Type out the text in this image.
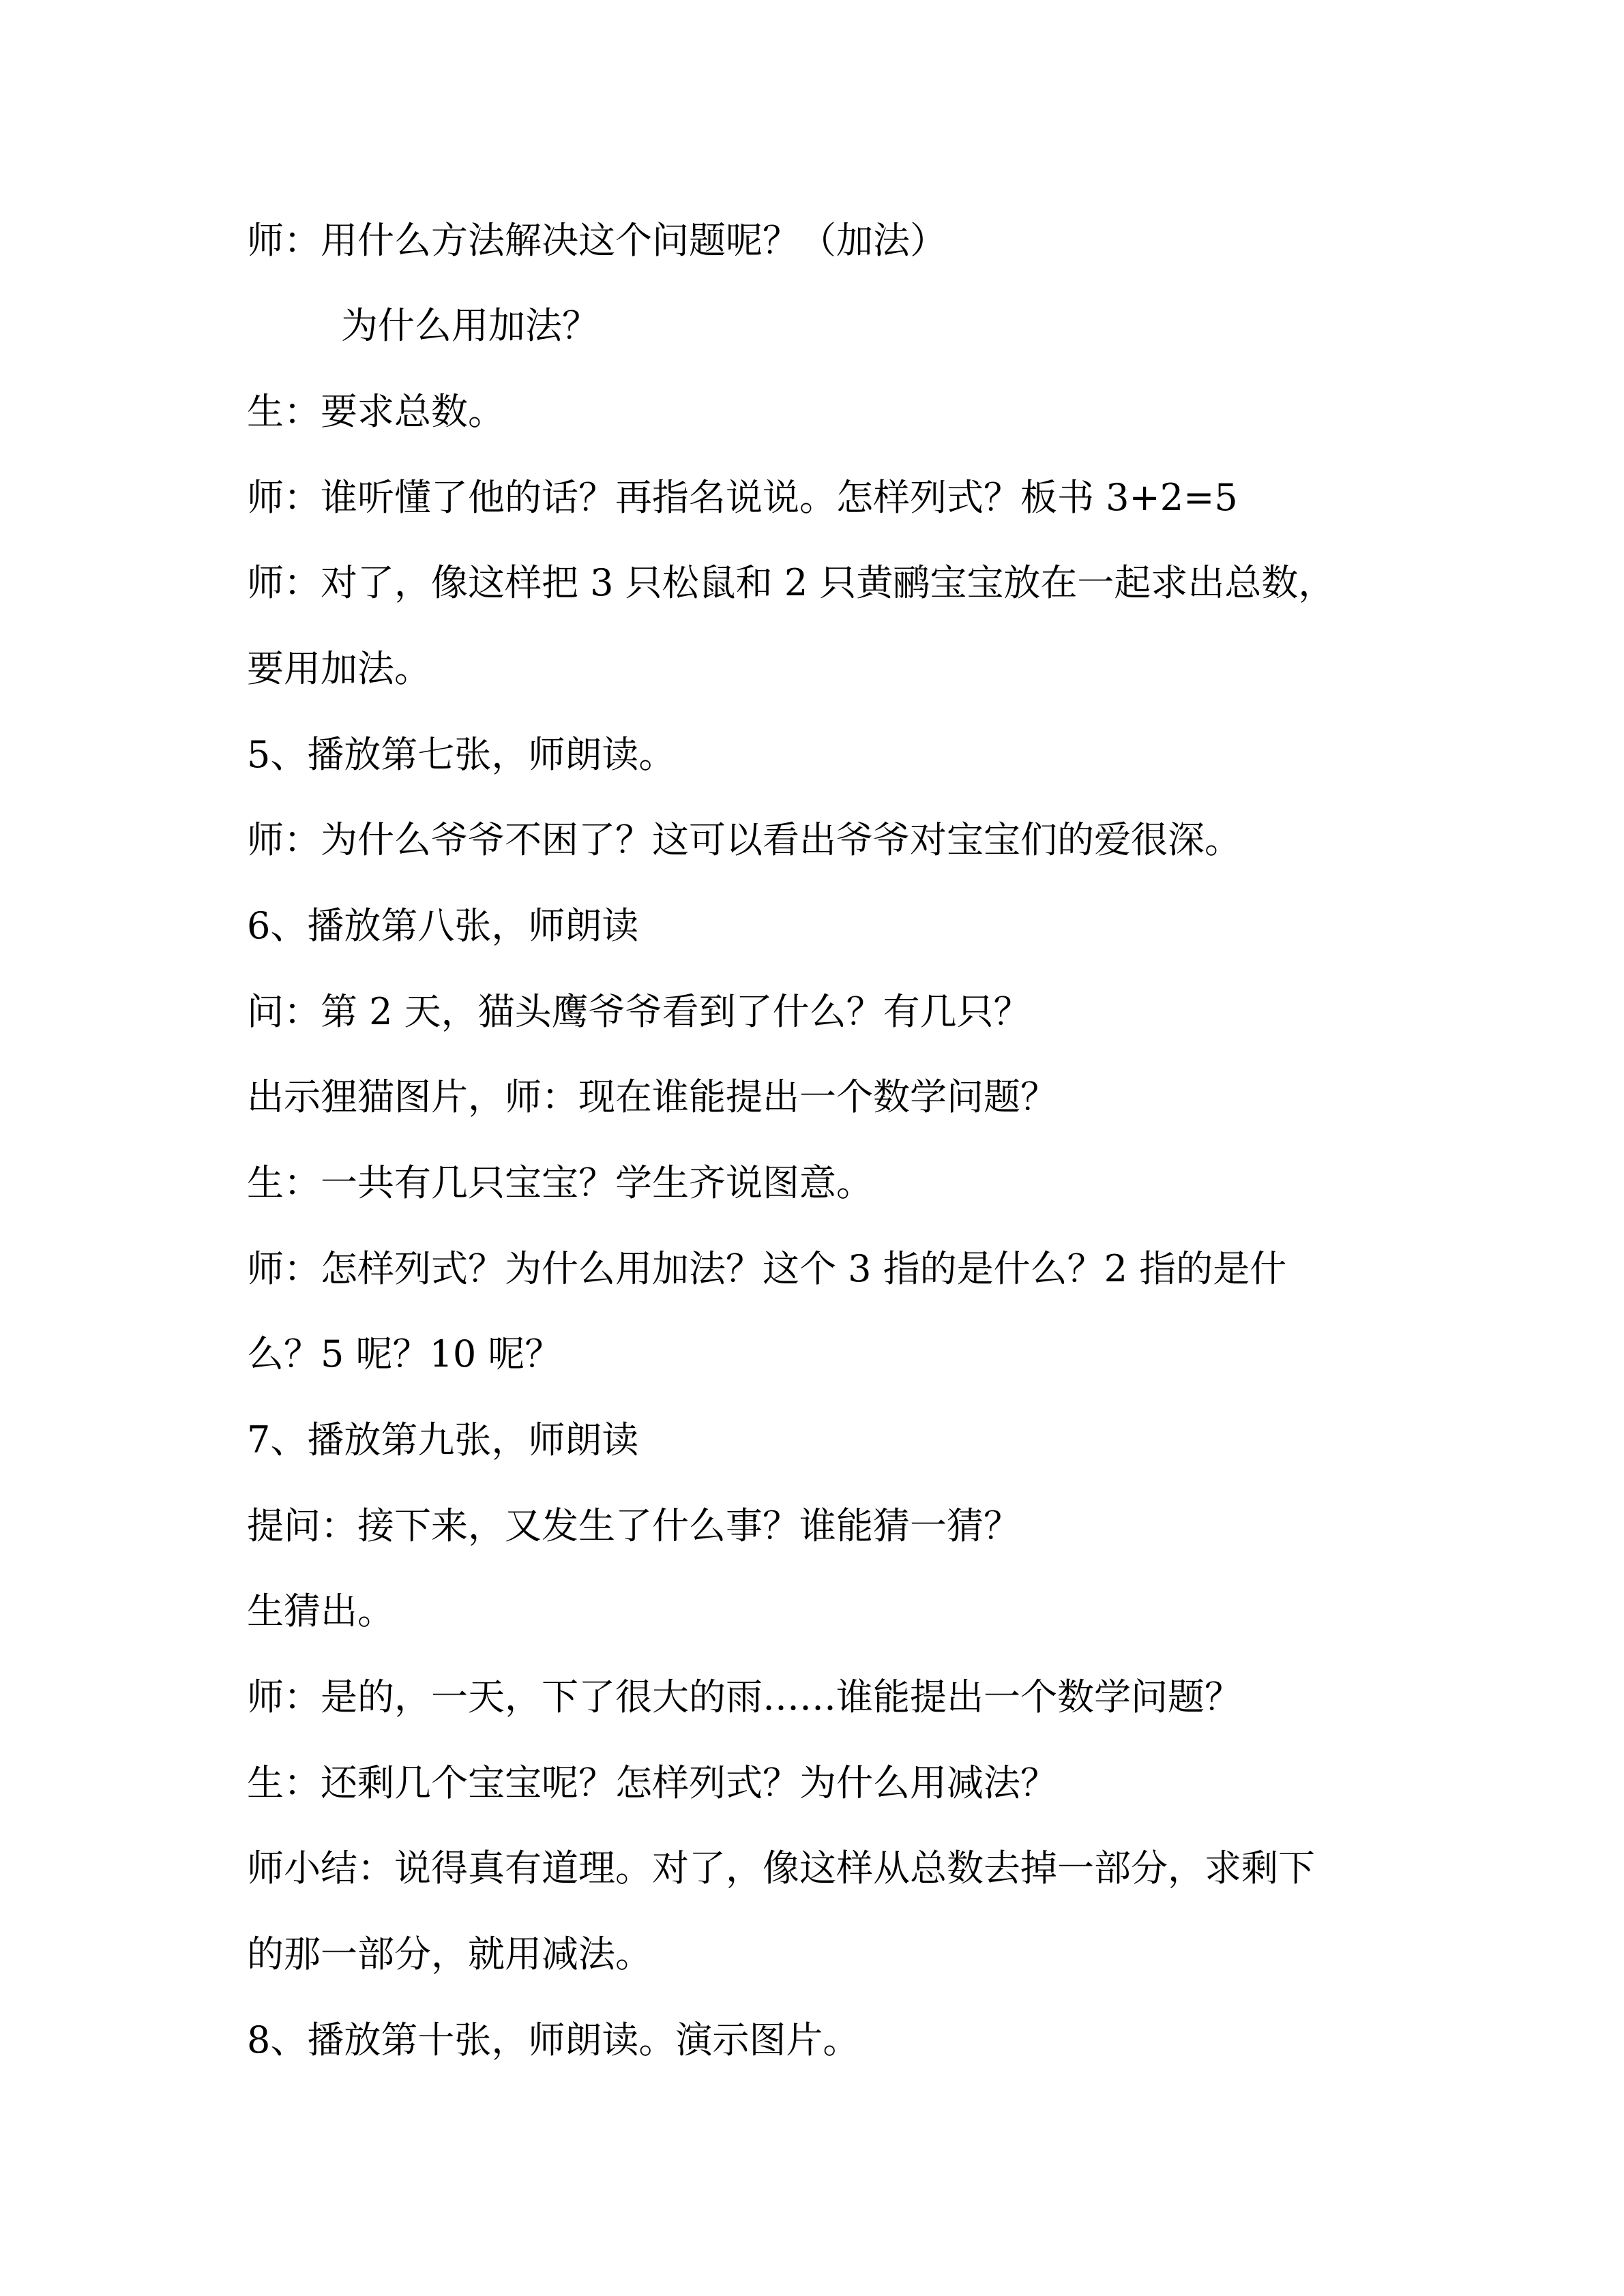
师：用什么方法解决这个问题呢？（加法）

为什么用加法？

生：要求总数。

师：谁听懂了他的话？再指名说说。怎样列式？板书 3+2=5

师：对了，像这样把 3 只松鼠和 2 只黄鹂宝宝放在一起求出总数，

要用加法。

5、播放第七张，师朗读。

师：为什么爷爷不困了？这可以看出爷爷对宝宝们的爱很深。

6、播放第八张，师朗读

问：第 2 天，猫头鹰爷爷看到了什么？有几只？

出示狸猫图片，师：现在谁能提出一个数学问题？

生：一共有几只宝宝？学生齐说图意。

师：怎样列式？为什么用加法？这个 3 指的是什么？2 指的是什

么？5 呢？10 呢？

7、播放第九张，师朗读

提问：接下来，又发生了什么事？谁能猜一猜？

生猜出。

师：是的，一天，下了很大的雨……谁能提出一个数学问题？

生：还剩几个宝宝呢？怎样列式？为什么用减法？

师小结：说得真有道理。对了，像这样从总数去掉一部分，求剩下

的那一部分，就用减法。

8、播放第十张，师朗读。演示图片。
